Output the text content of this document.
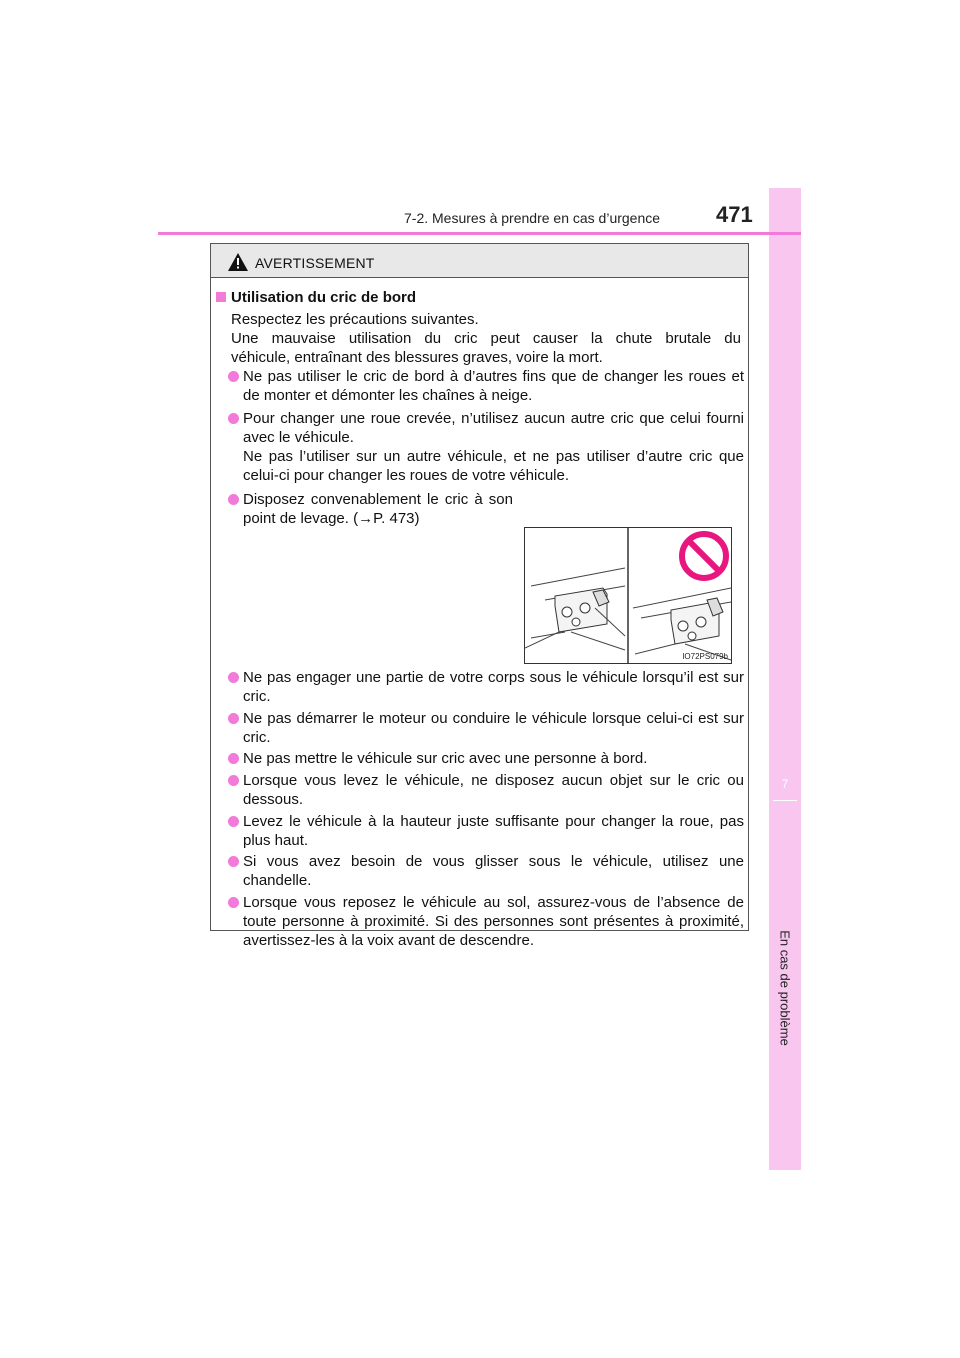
7
En cas de problème
7-2. Mesures à prendre en cas d’urgence	471
AVERTISSEMENT
Utilisation du cric de bord

Respectez les précautions suivantes.

Une mauvaise utilisation du cric peut causer la chute brutale du

véhicule, entraînant des blessures graves, voire la mort.

Ne pas utiliser le cric de bord à d’autres fins que de changer les roues et de monter et démonter les chaînes à neige.

Pour changer une roue crevée, n’utilisez aucun autre cric que celui fourni avec le véhicule.

Ne pas l’utiliser sur un autre véhicule, et ne pas utiliser d’autre cric que celui-ci pour changer les roues de votre véhicule.

Disposez convenablement le cric à son point de levage. (→P. 473)
IO72PS079b
Ne pas engager une partie de votre corps sous le véhicule lorsqu’il est sur cric.
Ne pas démarrer le moteur ou conduire le véhicule lorsque celui-ci est sur cric.
Ne pas mettre le véhicule sur cric avec une personne à bord.
Lorsque vous levez le véhicule, ne disposez aucun objet sur le cric ou dessous.
Levez le véhicule à la hauteur juste suffisante pour changer la roue, pas plus haut.
Si vous avez besoin de vous glisser sous le véhicule, utilisez une chandelle.
Lorsque vous reposez le véhicule au sol, assurez-vous de l’absence de toute personne à proximité. Si des personnes sont présentes à proximité, avertissez-les à la voix avant de descendre.
